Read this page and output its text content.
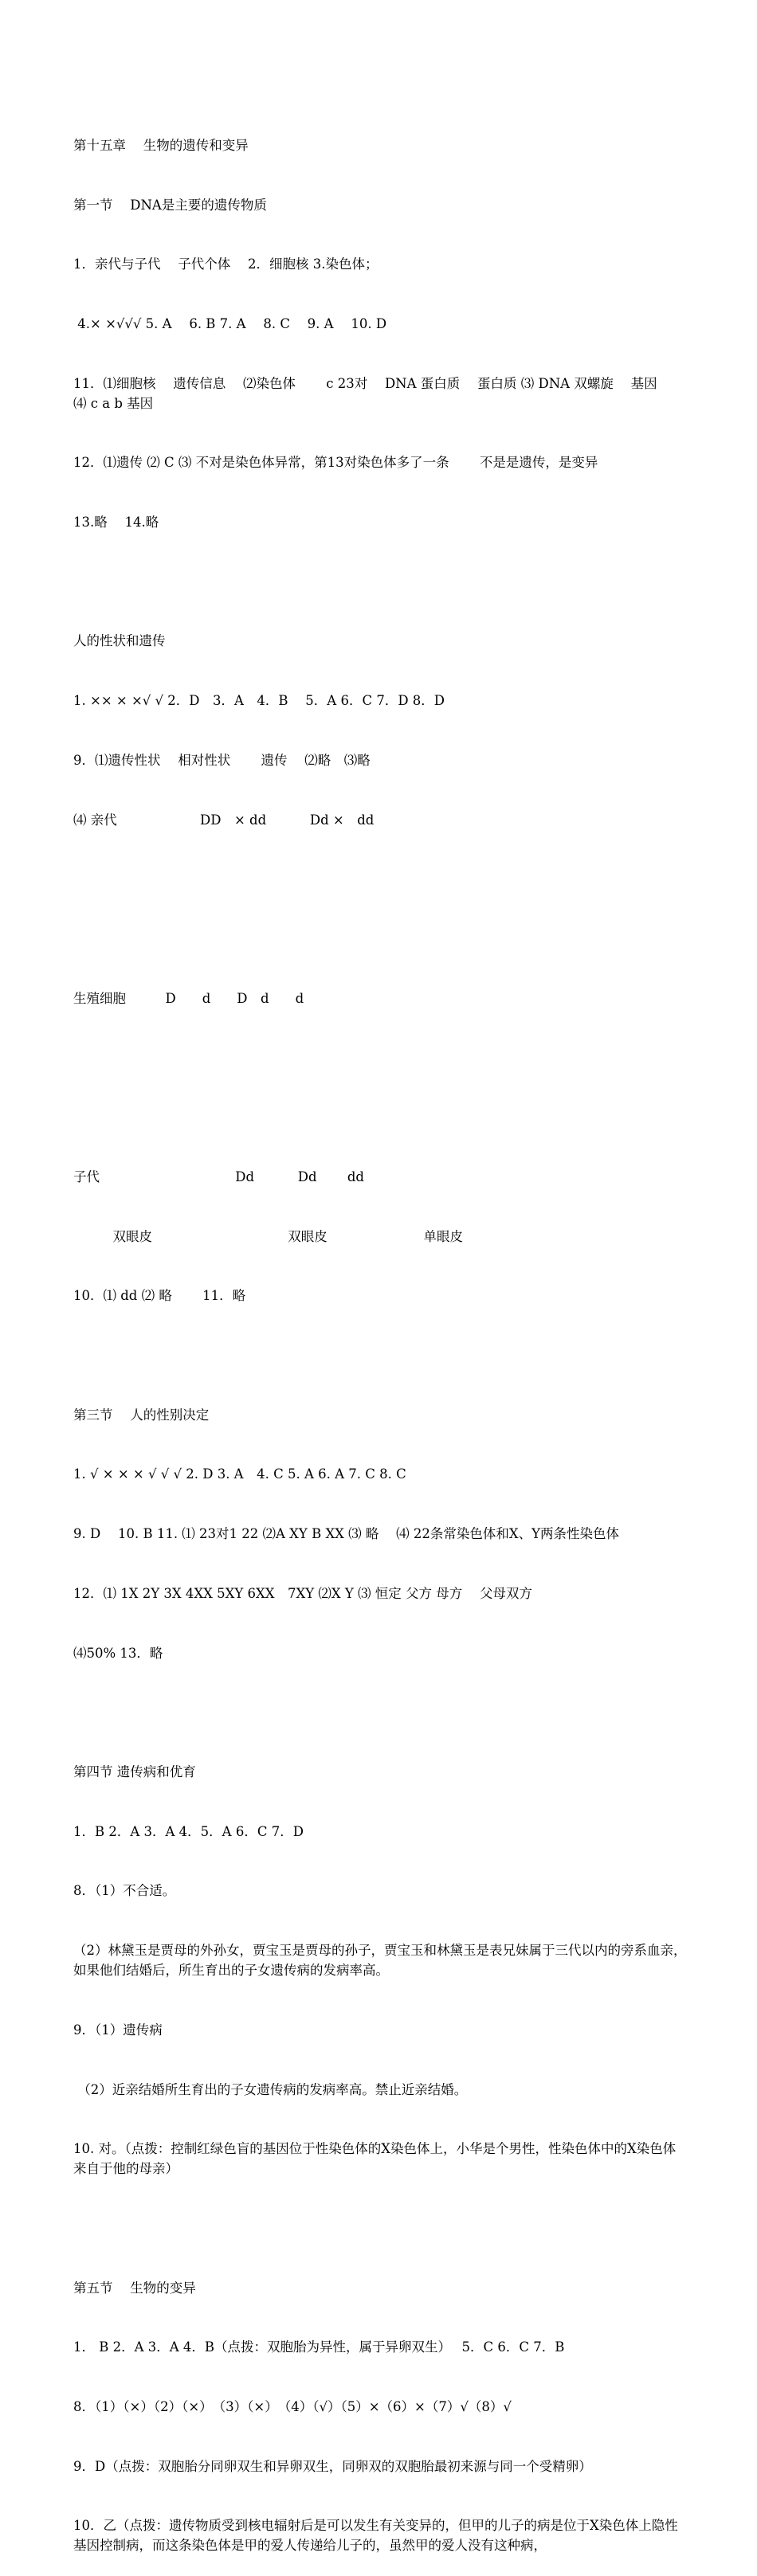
第十五章　 生物的遗传和变异

第一节　 DNA是主要的遗传物质

1．亲代与子代　 子代个体　 2．细胞核 3.染色体；

4.× ×√√√ 5. A　 6. B 7. A　 8. C　 9. A　 10. D

11．⑴细胞核　 遗传信息　 ⑵染色体　　 c 23对　 DNA 蛋白质　 蛋白质 ⑶ DNA 双螺旋　 基因　 ⑷ c a b 基因

12．⑴遗传 ⑵ C ⑶ 不对是染色体异常，第13对染色体多了一条　　 不是是遗传，是变异

13.略　 14.略

人的性状和遗传

1. ×× × ×√ √ 2．D　3．A　4．B　 5．A 6．C 7．D 8．D

9．⑴遗传性状　 相对性状　　 遗传　 ⑵略　⑶略

⑷ 亲代　　　　　　 DD　× dd　　　 Dd ×　dd

生殖细胞　　　D　　d　　D　d　　d

子代　　　　　　　　　　 Dd　　　 Dd　　 dd

　　　双眼皮　　　　　　　　　　 双眼皮　　　　　　　 单眼皮

10．⑴ dd ⑵ 略　　 11．略

第三节　 人的性别决定

1. √ × × × √ √ √ 2. D 3. A　4. C 5. A 6. A 7. C 8. C

9. D　 10. B 11. ⑴ 23对1 22 ⑵A XY B XX ⑶ 略　 ⑷ 22条常染色体和X、Y两条性染色体

12．⑴ 1X 2Y 3X 4XX 5XY 6XX　7XY ⑵X Y ⑶ 恒定 父方 母方　 父母双方

⑷50% 13．略

第四节 遗传病和优育

1．B 2．A 3．A 4．5．A 6．C 7．D

8．（1）不合适。

（2）林黛玉是贾母的外孙女，贾宝玉是贾母的孙子，贾宝玉和林黛玉是表兄妹属于三代以内的旁系血亲，如果他们结婚后，所生育出的子女遗传病的发病率高。

9．（1）遗传病

（2）近亲结婚所生育出的子女遗传病的发病率高。禁止近亲结婚。

10. 对。（点拨：控制红绿色盲的基因位于性染色体的X染色体上，小华是个男性，性染色体中的X染色体来自于他的母亲）

第五节　 生物的变异

1． B 2．A 3．A 4．B（点拨：双胞胎为异性，属于异卵双生）　 5．C 6．C 7．B

8．（1）（×）（2）（×）　（3）（×）　（4）（√）（5）×（6）×（7）√（8）√

9．D（点拨：双胞胎分同卵双生和异卵双生，同卵双的双胞胎最初来源与同一个受精卵）

10．乙（点拨：遗传物质受到核电辐射后是可以发生有关变异的，但甲的儿子的病是位于X染色体上隐性基因控制病，而这条染色体是甲的爱人传递给儿子的，虽然甲的爱人没有这种病，
